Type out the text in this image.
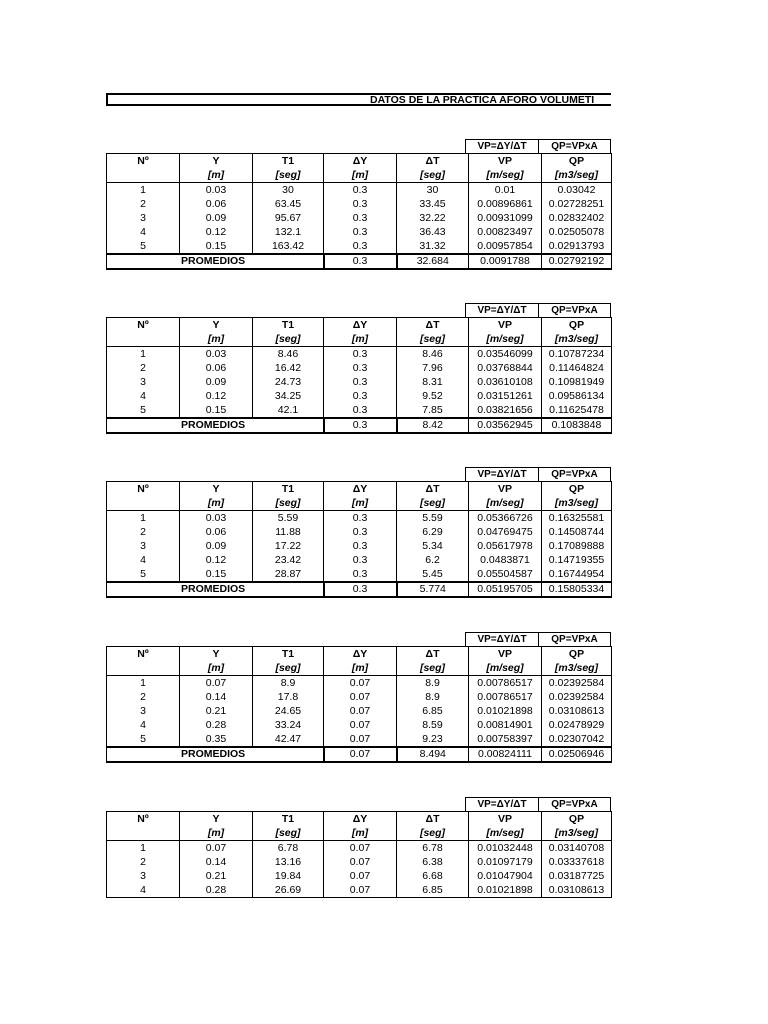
DATOS DE LA PRACTICA AFORO VOLUMETI
VP=ΔY/ΔT	QP=VPxA
Nº	Y	T1	ΔY	ΔT	VP	QP
	[m]	[seg]	[m]	[seg]	[m/seg]	[m3/seg]
1	0.03	30	0.3	30	0.01	0.03042
2	0.06	63.45	0.3	33.45	0.00896861	0.02728251
3	0.09	95.67	0.3	32.22	0.00931099	0.02832402
4	0.12	132.1	0.3	36.43	0.00823497	0.02505078
5	0.15	163.42	0.3	31.32	0.00957854	0.02913793
PROMEDIOS			0.3	32.684	0.0091788	0.02792192
VP=ΔY/ΔT	QP=VPxA
Nº	Y	T1	ΔY	ΔT	VP	QP
	[m]	[seg]	[m]	[seg]	[m/seg]	[m3/seg]
1	0.03	8.46	0.3	8.46	0.03546099	0.10787234
2	0.06	16.42	0.3	7.96	0.03768844	0.11464824
3	0.09	24.73	0.3	8.31	0.03610108	0.10981949
4	0.12	34.25	0.3	9.52	0.03151261	0.09586134
5	0.15	42.1	0.3	7.85	0.03821656	0.11625478
PROMEDIOS			0.3	8.42	0.03562945	0.1083848
VP=ΔY/ΔT	QP=VPxA
Nº	Y	T1	ΔY	ΔT	VP	QP
	[m]	[seg]	[m]	[seg]	[m/seg]	[m3/seg]
1	0.03	5.59	0.3	5.59	0.05366726	0.16325581
2	0.06	11.88	0.3	6.29	0.04769475	0.14508744
3	0.09	17.22	0.3	5.34	0.05617978	0.17089888
4	0.12	23.42	0.3	6.2	0.0483871	0.14719355
5	0.15	28.87	0.3	5.45	0.05504587	0.16744954
PROMEDIOS			0.3	5.774	0.05195705	0.15805334
VP=ΔY/ΔT	QP=VPxA
Nº	Y	T1	ΔY	ΔT	VP	QP
	[m]	[seg]	[m]	[seg]	[m/seg]	[m3/seg]
1	0.07	8.9	0.07	8.9	0.00786517	0.02392584
2	0.14	17.8	0.07	8.9	0.00786517	0.02392584
3	0.21	24.65	0.07	6.85	0.01021898	0.03108613
4	0.28	33.24	0.07	8.59	0.00814901	0.02478929
5	0.35	42.47	0.07	9.23	0.00758397	0.02307042
PROMEDIOS			0.07	8.494	0.00824111	0.02506946
VP=ΔY/ΔT	QP=VPxA
Nº	Y	T1	ΔY	ΔT	VP	QP
	[m]	[seg]	[m]	[seg]	[m/seg]	[m3/seg]
1	0.07	6.78	0.07	6.78	0.01032448	0.03140708
2	0.14	13.16	0.07	6.38	0.01097179	0.03337618
3	0.21	19.84	0.07	6.68	0.01047904	0.03187725
4	0.28	26.69	0.07	6.85	0.01021898	0.03108613
